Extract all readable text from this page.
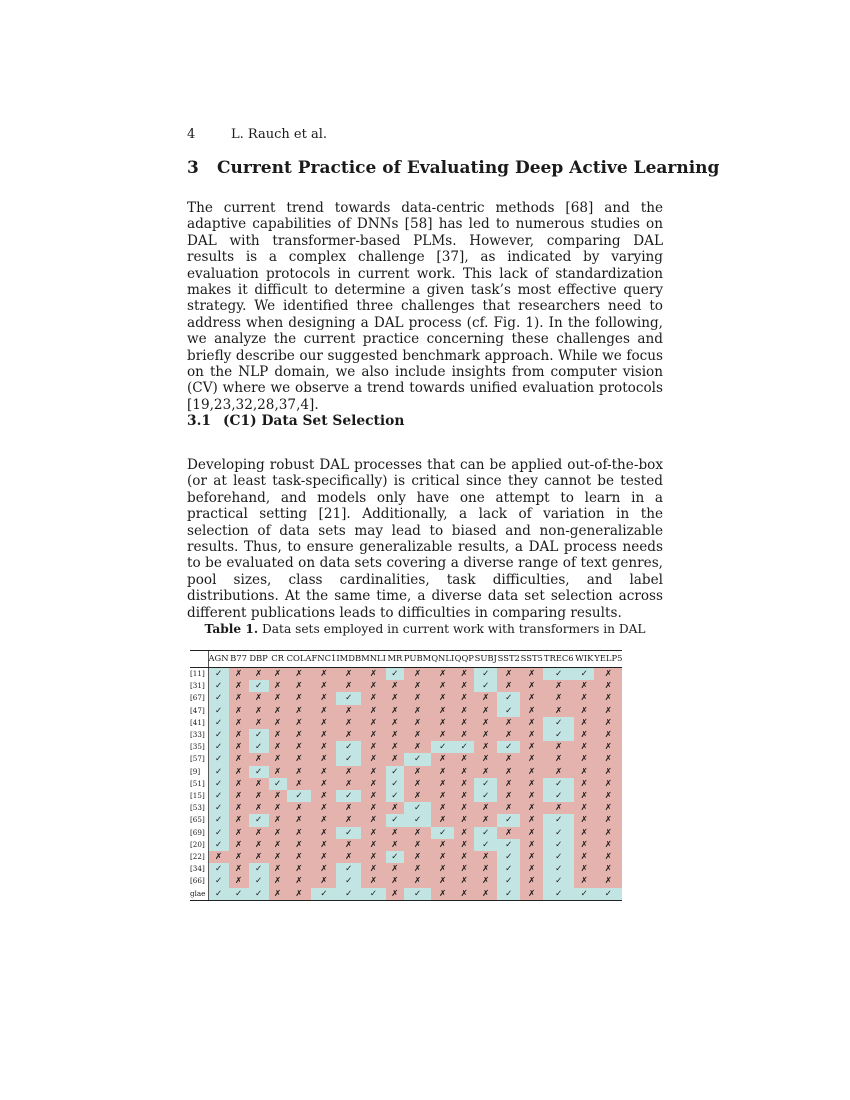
4	L. Rauch et al.
3 Current Practice of Evaluating Deep Active Learning

The current trend towards data-centric methods [68] and the adaptive capabilities of DNNs [58] has led to numerous studies on DAL with transformer-based PLMs. However, comparing DAL results is a complex challenge [37], as indicated by varying evaluation protocols in current work. This lack of standardization makes it difficult to determine a given task’s most effective query strategy. We identified three challenges that researchers need to address when designing a DAL process (cf. Fig. 1). In the following, we analyze the current practice concerning these challenges and briefly describe our suggested benchmark approach. While we focus on the NLP domain, we also include insights from computer vision (CV) where we observe a trend towards unified evaluation protocols [19,23,32,28,37,4].

3.1 (C1) Data Set Selection

Developing robust DAL processes that can be applied out-of-the-box (or at least task-specifically) is critical since they cannot be tested beforehand, and models only have one attempt to learn in a practical setting [21]. Additionally, a lack of variation in the selection of data sets may lead to biased and non-generalizable results. Thus, to ensure generalizable results, a DAL process needs to be evaluated on data sets covering a diverse range of text genres, pool sizes, class cardinalities, task difficulties, and label distributions. At the same time, a diverse data set selection across different publications leads to difficulties in comparing results.

Table 1. Data sets employed in current work with transformers in DAL
	AGN	B77	DBP	CR	COLA	FNC1	IMDB	MNLI	MR	PUBM	QNLI	QQP	SUBJ	SST2	SST5	TREC6	WIK	YELP5
[11]	✓	✗	✗	✗	✗	✗	✗	✗	✓	✗	✗	✗	✓	✗	✗	✓	✓	✗
[31]	✓	✗	✓	✗	✗	✗	✗	✗	✗	✗	✗	✗	✓	✗	✗	✗	✗	✗
[67]	✓	✗	✗	✗	✗	✗	✓	✗	✗	✗	✗	✗	✗	✓	✗	✗	✗	✗
[47]	✓	✗	✗	✗	✗	✗	✗	✗	✗	✗	✗	✗	✗	✓	✗	✗	✗	✗
[41]	✓	✗	✗	✗	✗	✗	✗	✗	✗	✗	✗	✗	✗	✗	✗	✓	✗	✗
[33]	✓	✗	✓	✗	✗	✗	✗	✗	✗	✗	✗	✗	✗	✗	✗	✓	✗	✗
[35]	✓	✗	✓	✗	✗	✗	✓	✗	✗	✗	✓	✓	✗	✓	✗	✗	✗	✗
[57]	✓	✗	✗	✗	✗	✗	✓	✗	✗	✓	✗	✗	✗	✗	✗	✗	✗	✗
[9]	✓	✗	✓	✗	✗	✗	✗	✗	✓	✗	✗	✗	✗	✗	✗	✗	✗	✗
[51]	✓	✗	✗	✓	✗	✗	✗	✗	✓	✗	✗	✗	✓	✗	✗	✓	✗	✗
[15]	✓	✗	✗	✗	✓	✗	✓	✗	✓	✗	✗	✗	✓	✗	✗	✓	✗	✗
[53]	✓	✗	✗	✗	✗	✗	✗	✗	✗	✓	✗	✗	✗	✗	✗	✗	✗	✗
[65]	✓	✗	✓	✗	✗	✗	✗	✗	✓	✓	✗	✗	✗	✓	✗	✓	✗	✗
[69]	✓	✗	✗	✗	✗	✗	✓	✗	✗	✗	✓	✗	✓	✗	✗	✓	✗	✗
[20]	✓	✗	✗	✗	✗	✗	✗	✗	✗	✗	✗	✗	✓	✓	✗	✓	✗	✗
[22]	✗	✗	✗	✗	✗	✗	✗	✗	✓	✗	✗	✗	✗	✓	✗	✓	✗	✗
[34]	✓	✗	✓	✗	✗	✗	✓	✗	✗	✗	✗	✗	✗	✓	✗	✓	✗	✗
[66]	✓	✗	✓	✗	✗	✗	✓	✗	✗	✗	✗	✗	✗	✓	✗	✓	✗	✗
glae	✓	✓	✓	✗	✗	✓	✓	✓	✗	✓	✗	✗	✗	✓	✗	✓	✓	✓
